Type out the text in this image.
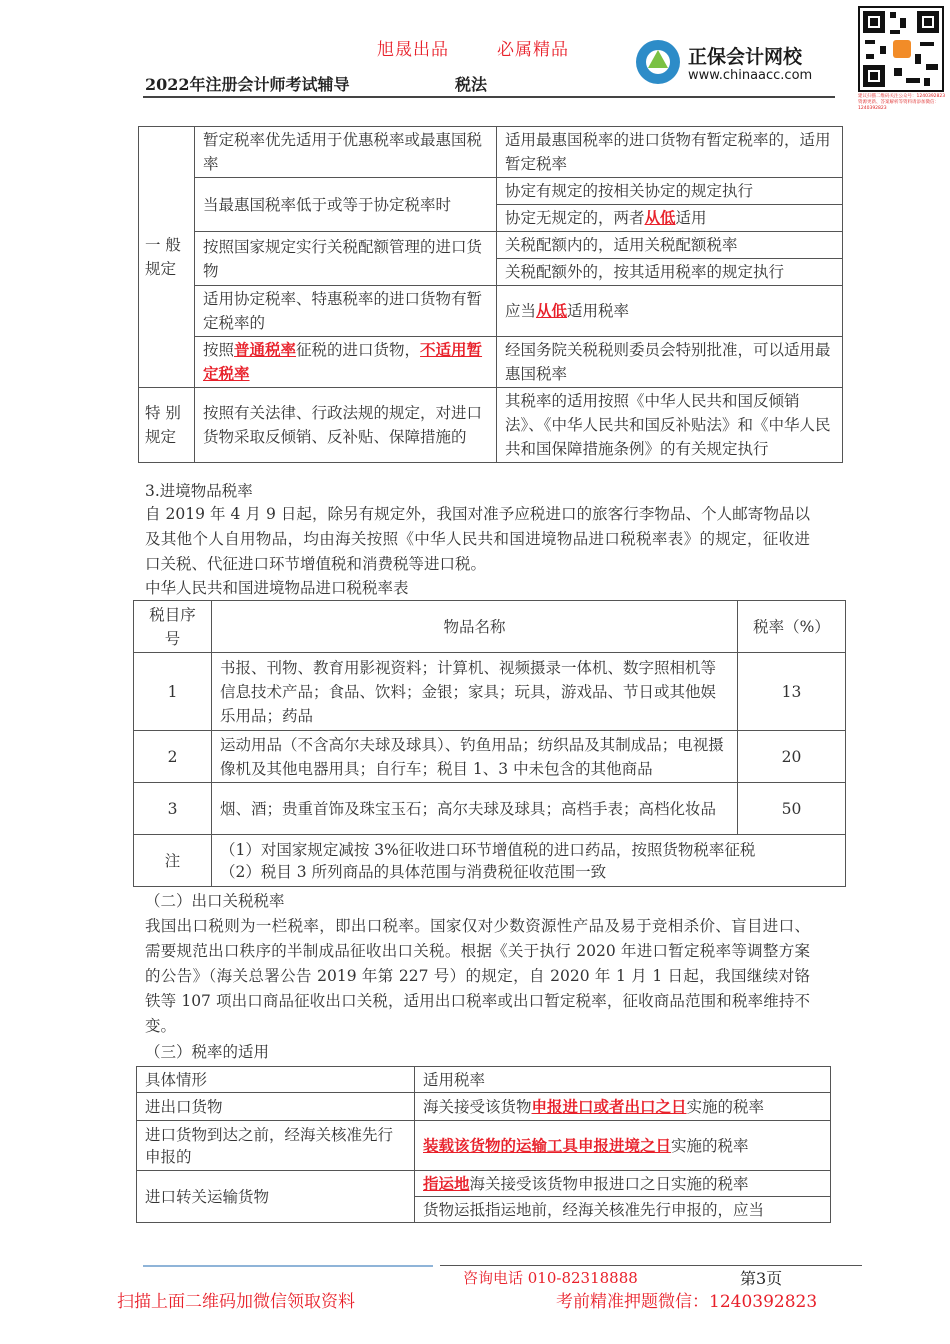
旭晟出品	必属精品
2022年注册会计师考试辅导	税法
正保会计网校
www.chinaacc.com
建议扫描二维码关注公众号：1240392823 资源更新、答案解析等资料请添加微信：1240392823
一 般规定	暂定税率优先适用于优惠税率或最惠国税率	适用最惠国税率的进口货物有暂定税率的，适用暂定税率
	当最惠国税率低于或等于协定税率时	协定有规定的按相关协定的规定执行
		协定无规定的，两者从低适用
	按照国家规定实行关税配额管理的进口货物	关税配额内的，适用关税配额税率
		关税配额外的，按其适用税率的规定执行
	适用协定税率、特惠税率的进口货物有暂定税率的	应当从低适用税率
	按照普通税率征税的进口货物，不适用暂定税率	经国务院关税税则委员会特别批准，可以适用最惠国税率
特 别规定	按照有关法律、行政法规的规定，对进口货物采取反倾销、反补贴、保障措施的	其税率的适用按照《中华人民共和国反倾销法》、《中华人民共和国反补贴法》和《中华人民共和国保障措施条例》的有关规定执行
3.进境物品税率
自 2019 年 4 月 9 日起，除另有规定外，我国对准予应税进口的旅客行李物品、个人邮寄物品以及其他个人自用物品，均由海关按照《中华人民共和国进境物品进口税税率表》的规定，征收进口关税、代征进口环节增值税和消费税等进口税。
中华人民共和国进境物品进口税税率表
税目序号	物品名称	税率（%）
1	书报、刊物、教育用影视资料；计算机、视频摄录一体机、数字照相机等信息技术产品；食品、饮料；金银；家具；玩具，游戏品、节日或其他娱乐用品；药品	13
2	运动用品（不含高尔夫球及球具）、钓鱼用品；纺织品及其制成品；电视摄像机及其他电器用具；自行车；税目 1、3 中未包含的其他商品	20
3	烟、酒；贵重首饰及珠宝玉石；高尔夫球及球具；高档手表；高档化妆品	50
注	（1）对国家规定减按 3%征收进口环节增值税的进口药品，按照货物税率征税
（2）税目 3 所列商品的具体范围与消费税征收范围一致	
（二）出口关税税率
我国出口税则为一栏税率，即出口税率。国家仅对少数资源性产品及易于竞相杀价、盲目进口、需要规范出口秩序的半制成品征收出口关税。根据《关于执行 2020 年进口暂定税率等调整方案的公告》（海关总署公告 2019 年第 227 号）的规定，自 2020 年 1 月 1 日起，我国继续对铬铁等 107 项出口商品征收出口关税，适用出口税率或出口暂定税率，征收商品范围和税率维持不变。
（三）税率的适用
具体情形	适用税率
进出口货物	海关接受该货物申报进口或者出口之日实施的税率
进口货物到达之前，经海关核准先行申报的	装载该货物的运输工具申报进境之日实施的税率
进口转关运输货物	指运地海关接受该货物申报进口之日实施的税率
	货物运抵指运地前，经海关核准先行申报的，应当
咨询电话 010-82318888	第3页
扫描上面二维码加微信领取资料	考前精准押题微信：1240392823
